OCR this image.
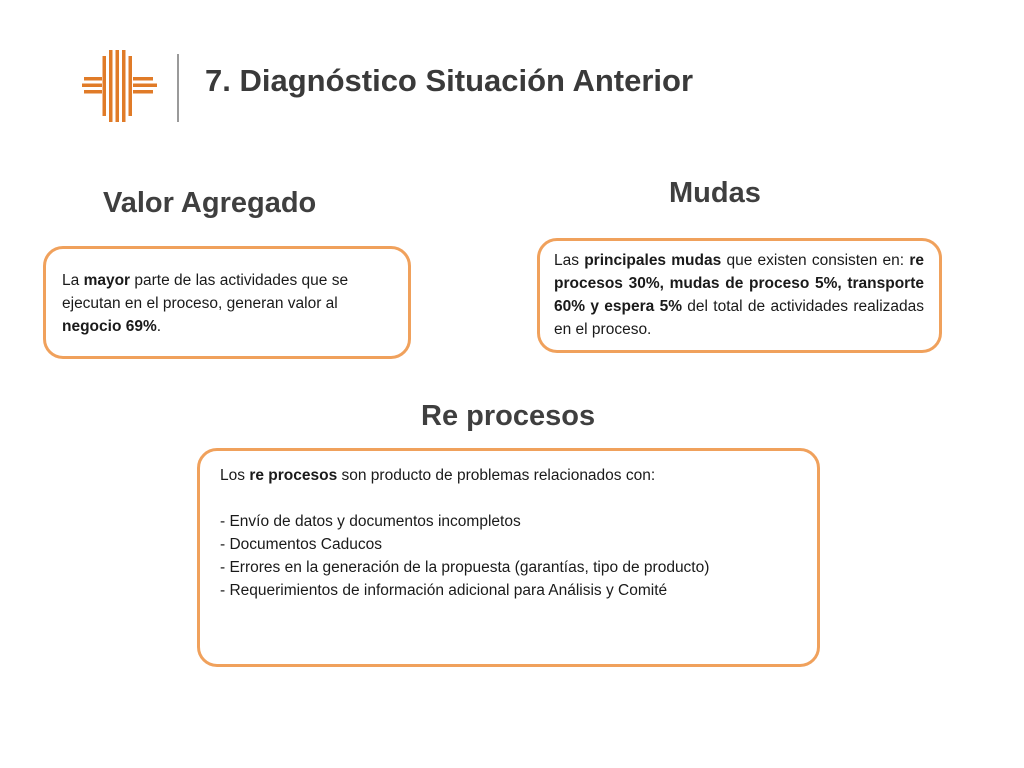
7. Diagnóstico Situación Anterior
Valor Agregado	Mudas
Re procesos
La mayor parte de las actividades que se ejecutan en el proceso, generan valor al negocio 69%.
Las principales mudas que existen consisten en: re procesos 30%, mudas de proceso 5%, transporte 60% y espera 5% del total de actividades realizadas en el proceso.
Los re procesos son producto de problemas relacionados con:
- Envío de datos y documentos incompletos
- Documentos Caducos
- Errores en la generación de la propuesta (garantías, tipo de producto)
- Requerimientos de información adicional para Análisis y Comité
